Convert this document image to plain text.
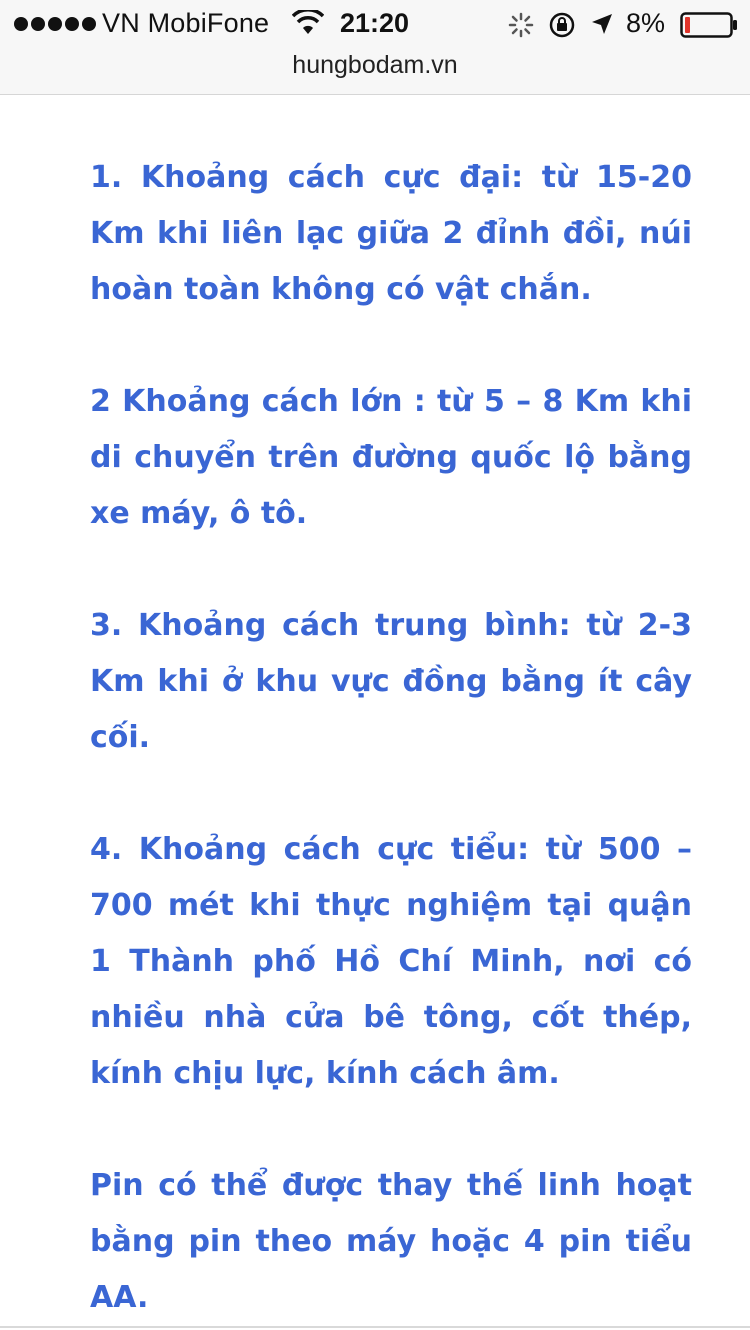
VN MobiFone	21:20	8%
hungbodam.vn

1. Khoảng cách cực đại: từ 15-20 Km khi liên lạc giữa 2 đỉnh đồi, núi hoàn toàn không có vật chắn.

2 Khoảng cách lớn : từ 5 – 8 Km khi di chuyển trên đường quốc lộ bằng xe máy, ô tô.

3. Khoảng cách trung bình: từ 2-3 Km khi ở khu vực đồng bằng ít cây cối.

4. Khoảng cách cực tiểu: từ 500 – 700 mét khi thực nghiệm tại quận 1 Thành phố Hồ Chí Minh, nơi có nhiều nhà cửa bê tông, cốt thép, kính chịu lực, kính cách âm.

Pin có thể được thay thế linh hoạt bằng pin theo máy hoặc 4 pin tiểu AA.
